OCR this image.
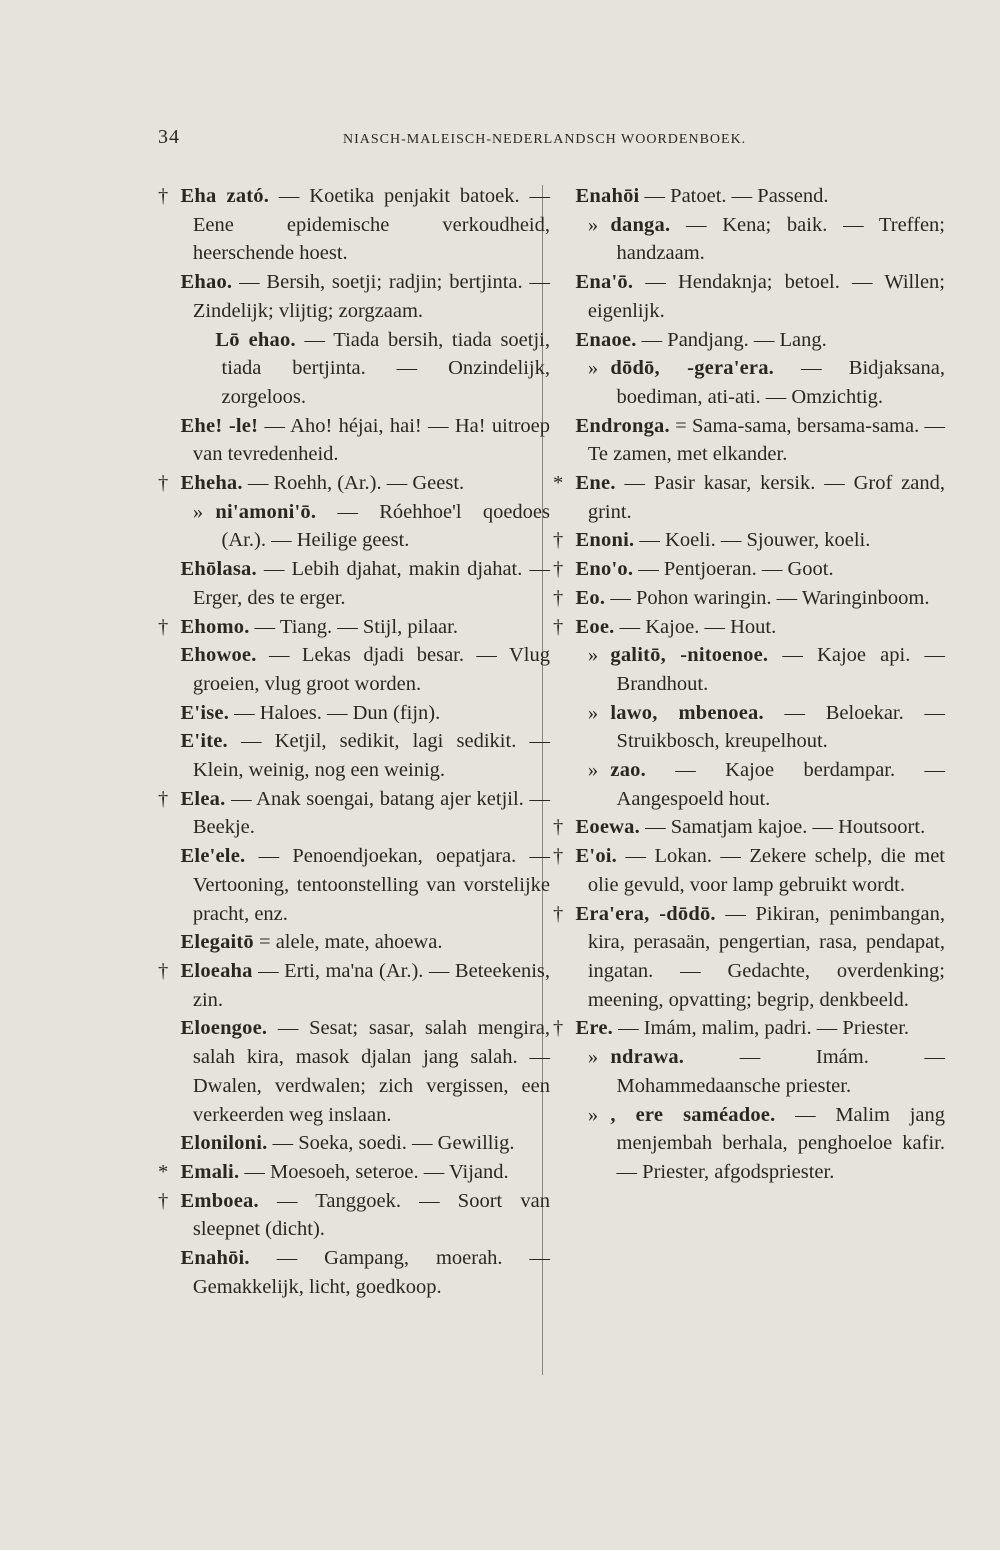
34	NIASCH-MALEISCH-NEDERLANDSCH WOORDENBOEK.
† Eha zató. — Koetika penjakit batoek. — Eene epidemische verkoudheid, heerschende hoest.
Ehao. — Bersih, soetji; radjin; bertjinta. — Zindelijk; vlijtig; zorgzaam.
Lō ehao. — Tiada bersih, tiada soetji, tiada bertjinta. — Onzindelijk, zorgeloos.
Ehe! -le! — Aho! héjai, hai! — Ha! uitroep van tevredenheid.
† Eheha. — Roehh, (Ar.). — Geest.
» ni'amoni'ō. — Róehhoe'l qoedoes (Ar.). — Heilige geest.
Ehōlasa. — Lebih djahat, makin djahat. — Erger, des te erger.
† Ehomo. — Tiang. — Stijl, pilaar.
Ehowoe. — Lekas djadi besar. — Vlug groeien, vlug groot worden.
E'ise. — Haloes. — Dun (fijn).
E'ite. — Ketjil, sedikit, lagi sedikit. — Klein, weinig, nog een weinig.
† Elea. — Anak soengai, batang ajer ketjil. — Beekje.
Ele'ele. — Penoendjoekan, oepatjara. — Vertooning, tentoonstelling van vorstelijke pracht, enz.
Elegaitō = alele, mate, ahoewa.
† Eloeaha — Erti, ma'na (Ar.). — Beteekenis, zin.
Eloengoe. — Sesat; sasar, salah mengira, salah kira, masok djalan jang salah. — Dwalen, verdwalen; zich vergissen, een verkeerden weg inslaan.
Eloniloni. — Soeka, soedi. — Gewillig.
* Emali. — Moesoeh, seteroe. — Vijand.
† Emboea. — Tanggoek. — Soort van sleepnet (dicht).
Enahōi. — Gampang, moerah. — Gemakkelijk, licht, goedkoop.
Enahōi — Patoet. — Passend.
» danga. — Kena; baik. — Treffen; handzaam.
Ena'ō. — Hendaknja; betoel. — Willen; eigenlijk.
Enaoe. — Pandjang. — Lang.
» dōdō, -gera'era. — Bidjaksana, boediman, ati-ati. — Omzichtig.
Endronga. = Sama-sama, bersama-sama. — Te zamen, met elkander.
* Ene. — Pasir kasar, kersik. — Grof zand, grint.
† Enoni. — Koeli. — Sjouwer, koeli.
† Eno'o. — Pentjoeran. — Goot.
† Eo. — Pohon waringin. — Waringinboom.
† Eoe. — Kajoe. — Hout.
» galitō, -nitoenoe. — Kajoe api. — Brandhout.
» lawo, mbenoea. — Beloekar. — Struikbosch, kreupelhout.
» zao. — Kajoe berdampar. — Aangespoeld hout.
† Eoewa. — Samatjam kajoe. — Houtsoort.
† E'oi. — Lokan. — Zekere schelp, die met olie gevuld, voor lamp gebruikt wordt.
† Era'era, -dōdō. — Pikiran, penimbangan, kira, perasaän, pengertian, rasa, pendapat, ingatan. — Gedachte, overdenking; meening, opvatting; begrip, denkbeeld.
† Ere. — Imám, malim, padri. — Priester.
» ndrawa. — Imám. — Mohammedaansche priester.
» , ere saméadoe. — Malim jang menjembah berhala, penghoeloe kafir. — Priester, afgodspriester.
